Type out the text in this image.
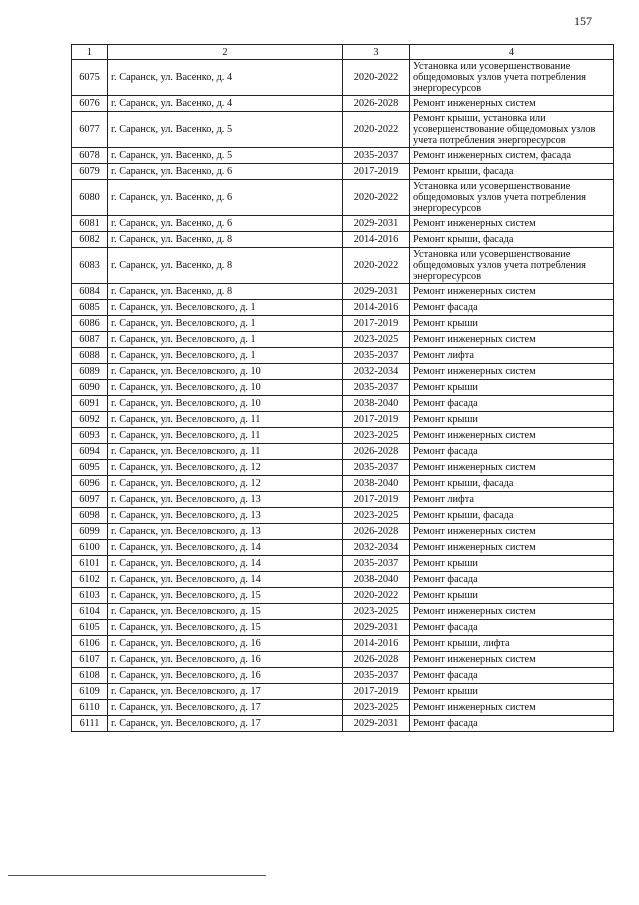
157
1	2	3	4
6075	г. Саранск, ул. Васенко, д. 4	2020-2022	Установка или усовершенствование общедомовых узлов учета потребления энергоресурсов
6076	г. Саранск, ул. Васенко, д. 4	2026-2028	Ремонт инженерных систем
6077	г. Саранск, ул. Васенко, д. 5	2020-2022	Ремонт крыши, установка или усовершенствование общедомовых узлов учета потребления энергоресурсов
6078	г. Саранск, ул. Васенко, д. 5	2035-2037	Ремонт инженерных систем, фасада
6079	г. Саранск, ул. Васенко, д. 6	2017-2019	Ремонт крыши, фасада
6080	г. Саранск, ул. Васенко, д. 6	2020-2022	Установка или усовершенствование общедомовых узлов учета потребления энергоресурсов
6081	г. Саранск, ул. Васенко, д. 6	2029-2031	Ремонт инженерных систем
6082	г. Саранск, ул. Васенко, д. 8	2014-2016	Ремонт крыши, фасада
6083	г. Саранск, ул. Васенко, д. 8	2020-2022	Установка или усовершенствование общедомовых узлов учета потребления энергоресурсов
6084	г. Саранск, ул. Васенко, д. 8	2029-2031	Ремонт инженерных систем
6085	г. Саранск, ул. Веселовского, д. 1	2014-2016	Ремонт фасада
6086	г. Саранск, ул. Веселовского, д. 1	2017-2019	Ремонт крыши
6087	г. Саранск, ул. Веселовского, д. 1	2023-2025	Ремонт инженерных систем
6088	г. Саранск, ул. Веселовского, д. 1	2035-2037	Ремонт лифта
6089	г. Саранск, ул. Веселовского, д. 10	2032-2034	Ремонт инженерных систем
6090	г. Саранск, ул. Веселовского, д. 10	2035-2037	Ремонт крыши
6091	г. Саранск, ул. Веселовского, д. 10	2038-2040	Ремонт фасада
6092	г. Саранск, ул. Веселовского, д. 11	2017-2019	Ремонт крыши
6093	г. Саранск, ул. Веселовского, д. 11	2023-2025	Ремонт инженерных систем
6094	г. Саранск, ул. Веселовского, д. 11	2026-2028	Ремонт фасада
6095	г. Саранск, ул. Веселовского, д. 12	2035-2037	Ремонт инженерных систем
6096	г. Саранск, ул. Веселовского, д. 12	2038-2040	Ремонт крыши, фасада
6097	г. Саранск, ул. Веселовского, д. 13	2017-2019	Ремонт лифта
6098	г. Саранск, ул. Веселовского, д. 13	2023-2025	Ремонт крыши, фасада
6099	г. Саранск, ул. Веселовского, д. 13	2026-2028	Ремонт инженерных систем
6100	г. Саранск, ул. Веселовского, д. 14	2032-2034	Ремонт инженерных систем
6101	г. Саранск, ул. Веселовского, д. 14	2035-2037	Ремонт крыши
6102	г. Саранск, ул. Веселовского, д. 14	2038-2040	Ремонт фасада
6103	г. Саранск, ул. Веселовского, д. 15	2020-2022	Ремонт крыши
6104	г. Саранск, ул. Веселовского, д. 15	2023-2025	Ремонт инженерных систем
6105	г. Саранск, ул. Веселовского, д. 15	2029-2031	Ремонт фасада
6106	г. Саранск, ул. Веселовского, д. 16	2014-2016	Ремонт крыши, лифта
6107	г. Саранск, ул. Веселовского, д. 16	2026-2028	Ремонт инженерных систем
6108	г. Саранск, ул. Веселовского, д. 16	2035-2037	Ремонт фасада
6109	г. Саранск, ул. Веселовского, д. 17	2017-2019	Ремонт крыши
6110	г. Саранск, ул. Веселовского, д. 17	2023-2025	Ремонт инженерных систем
6111	г. Саранск, ул. Веселовского, д. 17	2029-2031	Ремонт фасада
